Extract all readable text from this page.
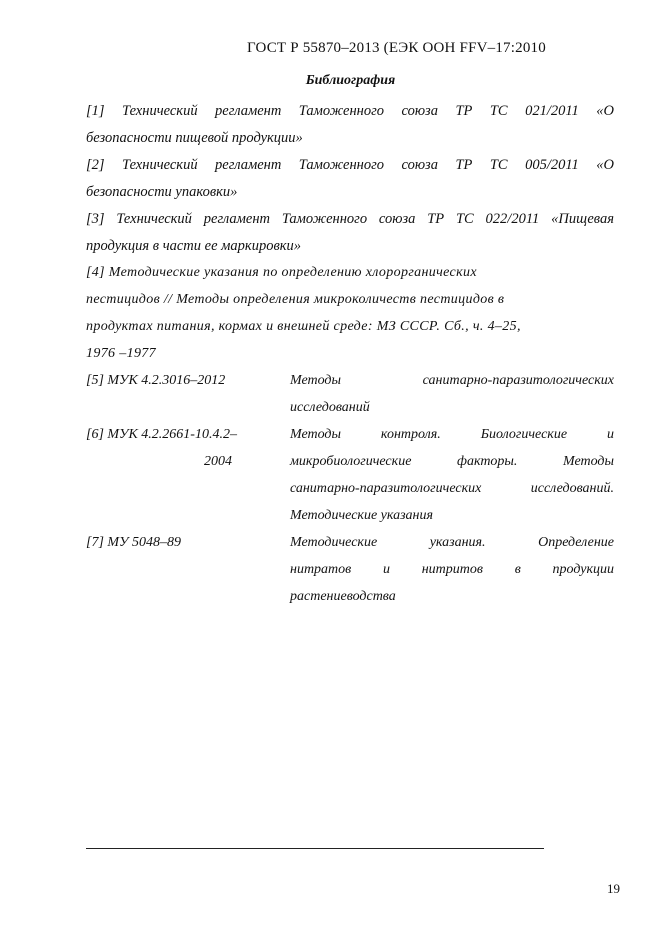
ГОСТ Р 55870–2013 (ЕЭК ООН FFV–17:2010
Библиография
[1] Технический регламент Таможенного союза ТР ТС 021/2011 «О
безопасности пищевой продукции»
[2] Технический регламент Таможенного союза ТР ТС 005/2011 «О
безопасности упаковки»
[3] Технический регламент Таможенного союза ТР ТС 022/2011 «Пищевая
продукция в части ее маркировки»
[4] Методические указания по определению хлорорганических
пестицидов // Методы определения микроколичеств пестицидов в
продуктах питания, кормах и внешней среде: МЗ СССР. Сб., ч. 4–25,
1976 –1977
[5] МУК 4.2.3016–2012	Методы санитарно-паразитологических
исследований
[6] МУК 4.2.2661-10.4.2–
2004
Методы контроля. Биологические и
микробиологические факторы. Методы
санитарно-паразитологических исследований.
Методические указания
[7] МУ 5048–89	Методические указания. Определение
нитратов и нитритов в продукции
растениеводства
19
